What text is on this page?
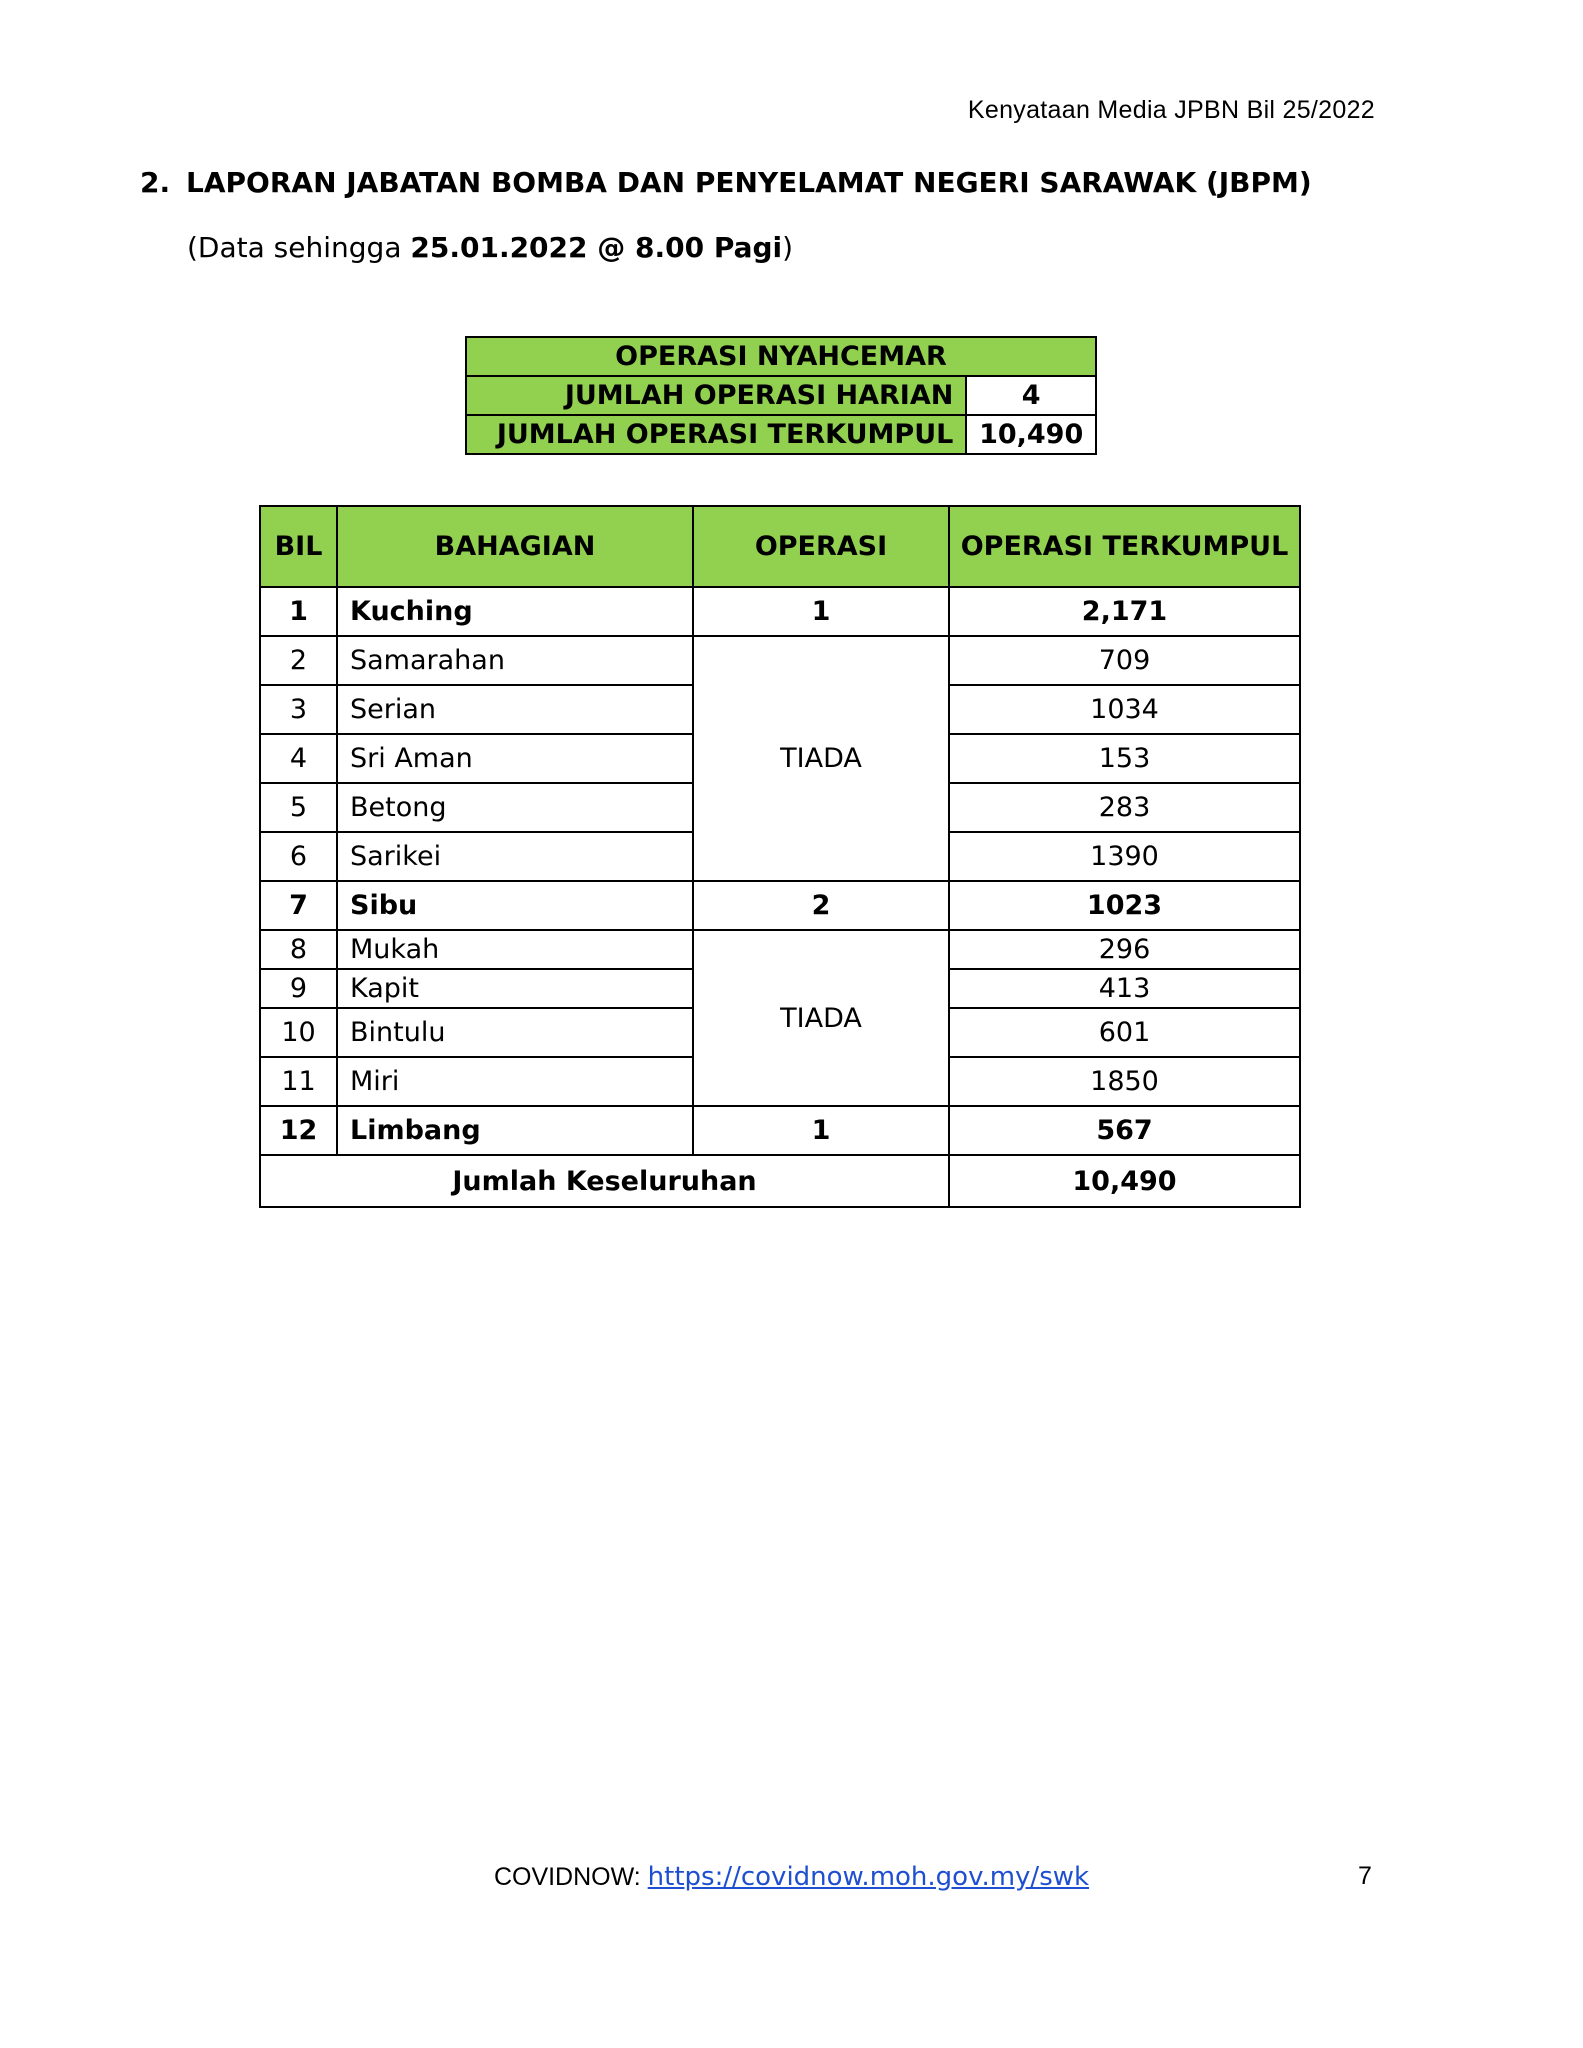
Kenyataan Media JPBN Bil 25/2022
2. LAPORAN JABATAN BOMBA DAN PENYELAMAT NEGERI SARAWAK (JBPM)
(Data sehingga 25.01.2022 @ 8.00 Pagi)
OPERASI NYAHCEMAR	
JUMLAH OPERASI HARIAN	4
JUMLAH OPERASI TERKUMPUL	10,490
BIL	BAHAGIAN	OPERASI	OPERASI TERKUMPUL
1	Kuching	1	2,171
2	Samarahan	TIADA	709
3	Serian		1034
4	Sri Aman		153
5	Betong		283
6	Sarikei		1390
7	Sibu	2	1023
8	Mukah	TIADA	296
9	Kapit		413
10	Bintulu		601
11	Miri		1850
12	Limbang	1	567
Jumlah Keseluruhan			10,490
COVIDNOW: https://covidnow.moh.gov.my/swk	7
